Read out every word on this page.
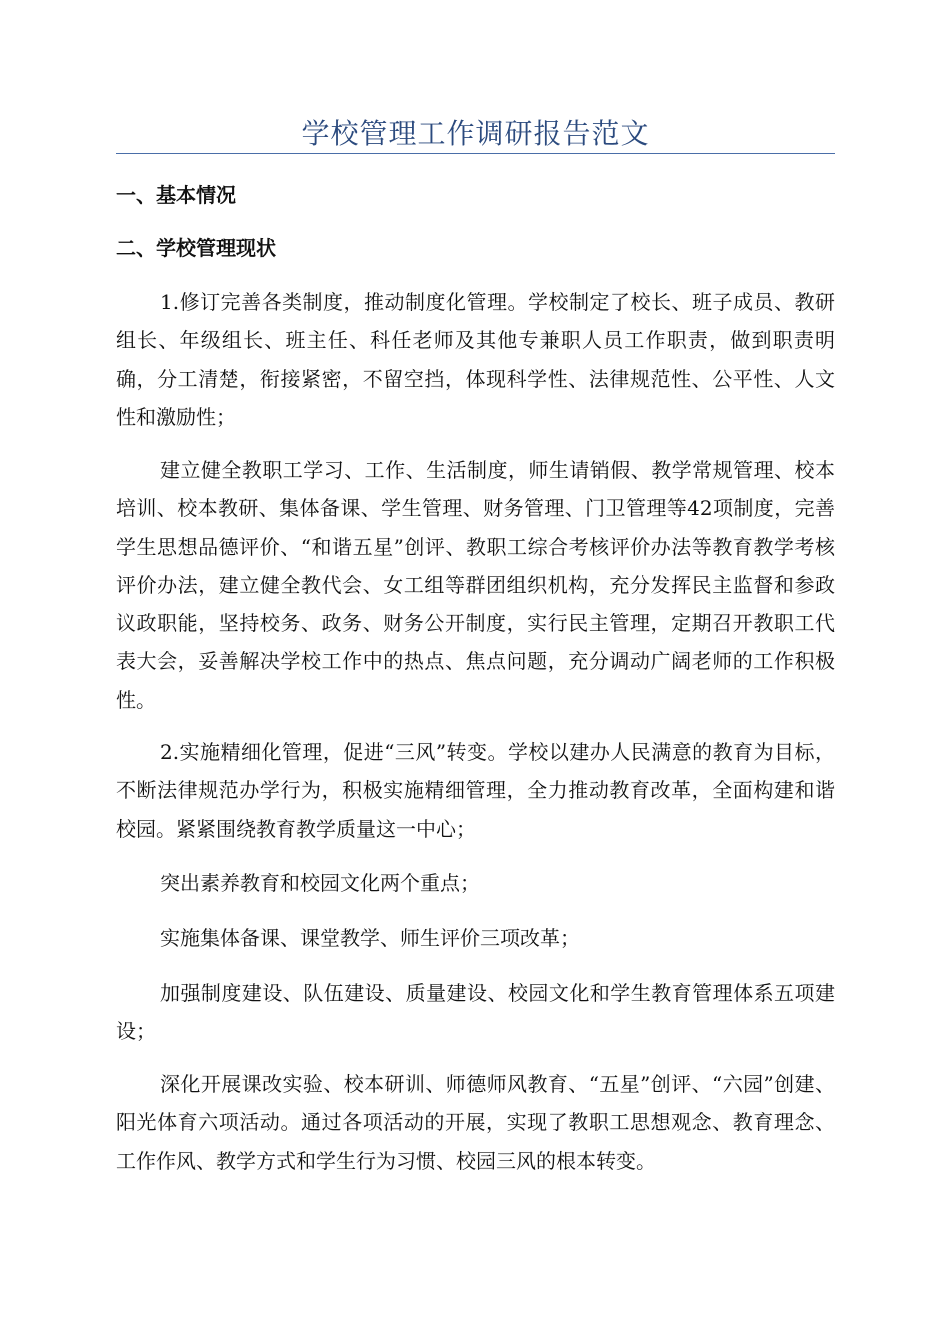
学校管理工作调研报告范文
一、基本情况
二、学校管理现状

1.修订完善各类制度，推动制度化管理。学校制定了校长、班子成员、教研组长、年级组长、班主任、科任老师及其他专兼职人员工作职责，做到职责明确，分工清楚，衔接紧密，不留空挡，体现科学性、法律规范性、公平性、人文性和激励性；

建立健全教职工学习、工作、生活制度，师生请销假、教学常规管理、校本培训、校本教研、集体备课、学生管理、财务管理、门卫管理等42项制度，完善学生思想品德评价、“和谐五星”创评、教职工综合考核评价办法等教育教学考核评价办法，建立健全教代会、女工组等群团组织机构，充分发挥民主监督和参政议政职能，坚持校务、政务、财务公开制度，实行民主管理，定期召开教职工代表大会，妥善解决学校工作中的热点、焦点问题，充分调动广阔老师的工作积极性。

2.实施精细化管理，促进“三风”转变。学校以建办人民满意的教育为目标，不断法律规范办学行为，积极实施精细管理，全力推动教育改革，全面构建和谐校园。紧紧围绕教育教学质量这一中心；

突出素养教育和校园文化两个重点；

实施集体备课、课堂教学、师生评价三项改革；

加强制度建设、队伍建设、质量建设、校园文化和学生教育管理体系五项建设；

深化开展课改实验、校本研训、师德师风教育、“五星”创评、“六园”创建、阳光体育六项活动。通过各项活动的开展，实现了教职工思想观念、教育理念、工作作风、教学方式和学生行为习惯、校园三风的根本转变。
